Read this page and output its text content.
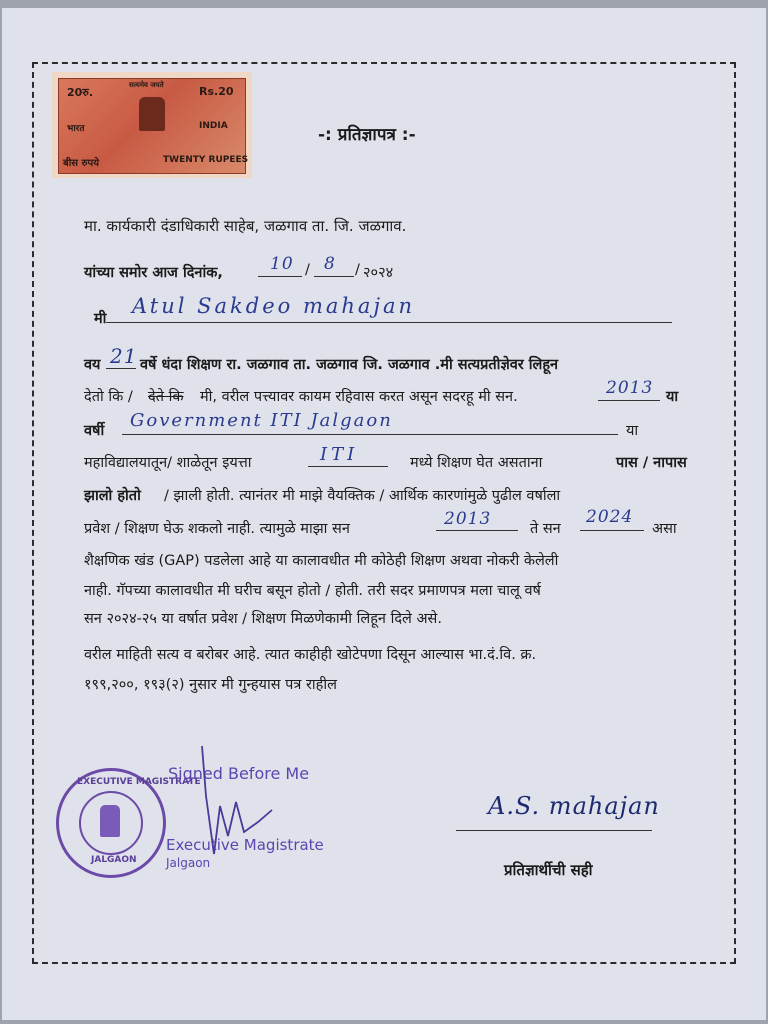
20रु.	Rs.20
सत्यमेव जयते
भारत	INDIA
बीस रुपये	TWENTY RUPEES
-: प्रतिज्ञापत्र :-
मा. कार्यकारी दंडाधिकारी साहेब, जळगाव ता. जि. जळगाव.
यांच्या समोर आज दिनांक,	10 / 8 / २०२४
मी
Atul Sakdeo mahajan
वय 21 वर्षे धंदा शिक्षण रा. जळगाव ता. जळगाव जि. जळगाव .मी सत्यप्रतीज्ञेवर लिहून
देतो कि / देते कि मी, वरील पत्त्यावर कायम रहिवास करत असून सदरहू मी सन.	2013 या
वर्षी Government ITI Jalgaon	या
महाविद्यालयातून/ शाळेतून इयत्ता	ITI	मध्ये शिक्षण घेत असताना	पास / नापास
झालो होतो / झाली होती. त्यानंतर मी माझे वैयक्तिक / आर्थिक कारणांमुळे पुढील वर्षाला
प्रवेश / शिक्षण घेऊ शकलो नाही. त्यामुळे माझा सन	2013	ते सन
2024
असा
शैक्षणिक खंड (GAP) पडलेला आहे या कालावधीत मी कोठेही शिक्षण अथवा नोकरी केलेली
नाही. गॅपच्या कालावधीत मी घरीच बसून होतो / होती. तरी सदर प्रमाणपत्र मला चालू वर्ष
सन २०२४-२५ या वर्षात प्रवेश / शिक्षण मिळणेकामी लिहून दिले असे.
वरील माहिती सत्य व बरोबर आहे. त्यात काहीही खोटेपणा दिसून आल्यास भा.दं.वि. क्र.
१९९,२००, १९३(२) नुसार मी गुन्हयास पत्र राहील
EXECUTIVE MAGISTRATE
JALGAON
Signed Before Me
Executive Magistrate
Jalgaon
A.S. mahajan
प्रतिज्ञार्थीची सही
